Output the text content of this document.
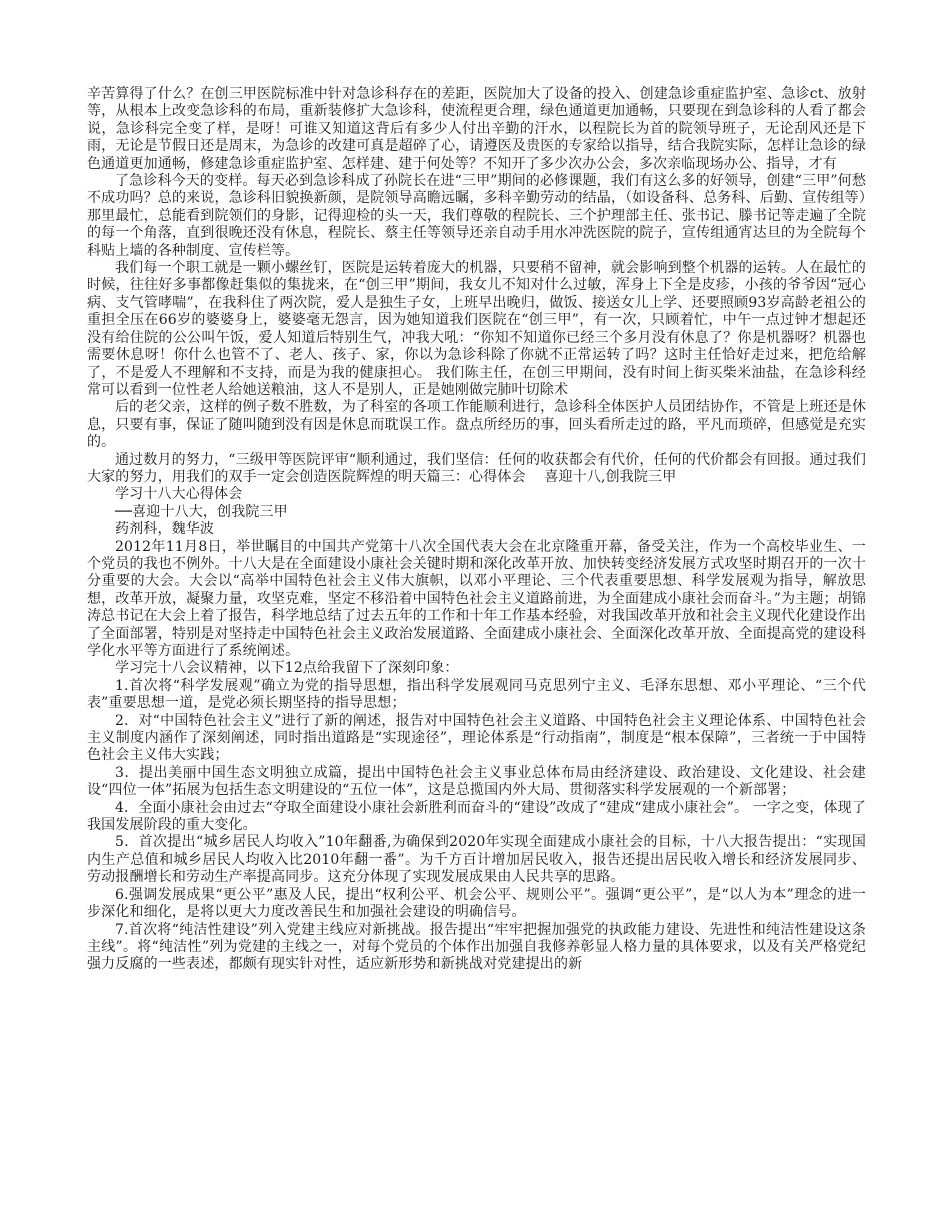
辛苦算得了什么？在创三甲医院标准中针对急诊科存在的差距，医院加大了设备的投入、创建急诊重症监护室、急诊ct、放射等，从根本上改变急诊科的布局，重新装修扩大急诊科，使流程更合理，绿色通道更加通畅，只要现在到急诊科的人看了都会说，急诊科完全变了样，是呀！可谁又知道这背后有多少人付出辛勤的汗水，以程院长为首的院领导班子，无论刮风还是下雨，无论是节假日还是周末，为急诊的改建可真是超碎了心，请遵医及贵医的专家给以指导，结合我院实际，怎样让急诊的绿色通道更加通畅，修建急诊重症监护室、怎样建、建于何处等？不知开了多少次办公会，多次亲临现场办公、指导，才有

了急诊科今天的变样。每天必到急诊科成了孙院长在进“三甲”期间的必修课题，我们有这么多的好领导，创建“三甲”何愁不成功吗？总的来说，急诊科旧貌换新颜，是院领导高瞻远瞩，多科辛勤劳动的结晶，（如设备科、总务科、后勤、宣传组等）那里最忙，总能看到院领们的身影，记得迎检的头一天，我们尊敬的程院长、三个护理部主任、张书记、滕书记等走遍了全院的每一个角落，直到很晚还没有休息，程院长、蔡主任等领导还亲自动手用水冲洗医院的院子，宣传组通宵达旦的为全院每个科贴上墙的各种制度、宣传栏等。

我们每一个职工就是一颗小螺丝钉，医院是运转着庞大的机器，只要稍不留神，就会影响到整个机器的运转。人在最忙的时候，往往好多事都像赶集似的集拢来，在“创三甲”期间，我女儿不知对什么过敏，浑身上下全是皮疹，小孩的爷爷因“冠心病、支气管哮喘”，在我科住了两次院，爱人是独生子女，上班早出晚归，做饭、接送女儿上学、还要照顾93岁高龄老祖公的重担全压在66岁的婆婆身上，婆婆毫无怨言，因为她知道我们医院在“创三甲”，有一次，只顾着忙，中午一点过钟才想起还没有给住院的公公叫午饭，爱人知道后特别生气，冲我大吼：“你知不知道你已经三个多月没有休息了？你是机器呀？机器也需要休息呀！你什么也管不了、老人、孩子、家，你以为急诊科除了你就不正常运转了吗？这时主任恰好走过来，把危给解了，不是爱人不理解和不支持，而是为我的健康担心。 我们陈主任，在创三甲期间，没有时间上街买柴米油盐，在急诊科经常可以看到一位性老人给她送粮油，这人不是别人，正是她刚做完肺叶切除术

后的老父亲，这样的例子数不胜数，为了科室的各项工作能顺利进行，急诊科全体医护人员团结协作，不管是上班还是休息，只要有事，保证了随叫随到没有因是休息而耽误工作。盘点所经历的事，回头看所走过的路，平凡而琐碎，但感觉是充实的。

通过数月的努力，“三级甲等医院评审“顺利通过，我们坚信：任何的收获都会有代价，任何的代价都会有回报。通过我们大家的努力，用我们的双手一定会创造医院辉煌的明天篇三：心得体会　 喜迎十八,创我院三甲

学习十八大心得体会

──喜迎十八大，创我院三甲

药剂科，魏华波

2012年11月8日，举世瞩目的中国共产党第十八次全国代表大会在北京隆重开幕，备受关注，作为一个高校毕业生、一个党员的我也不例外。十八大是在全面建设小康社会关键时期和深化改革开放、加快转变经济发展方式攻坚时期召开的一次十分重要的大会。大会以“高举中国特色社会主义伟大旗帜，以邓小平理论、三个代表重要思想、科学发展观为指导，解放思想，改革开放，凝聚力量，攻坚克难，坚定不移沿着中国特色社会主义道路前进，为全面建成小康社会而奋斗。”为主题；胡锦涛总书记在大会上着了报告，科学地总结了过去五年的工作和十年工作基本经验，对我国改革开放和社会主义现代化建设作出了全面部署，特别是对坚持走中国特色社会主义政治发展道路、全面建成小康社会、全面深化改革开放、全面提高党的建设科学化水平等方面进行了系统阐述。

学习完十八会议精神，以下12点给我留下了深刻印象：

1.首次将“科学发展观”确立为党的指导思想，指出科学发展观同马克思列宁主义、毛泽东思想、邓小平理论、“三个代表”重要思想一道，是党必须长期坚持的指导思想；

2．对“中国特色社会主义”进行了新的阐述，报告对中国特色社会主义道路、中国特色社会主义理论体系、中国特色社会主义制度内涵作了深刻阐述，同时指出道路是“实现途径”，理论体系是“行动指南”，制度是“根本保障”，三者统一于中国特色社会主义伟大实践；

3．提出美丽中国生态文明独立成篇，提出中国特色社会主义事业总体布局由经济建设、政治建设、文化建设、社会建设“四位一体”拓展为包括生态文明建设的“五位一体”，这是总揽国内外大局、贯彻落实科学发展观的一个新部署；

4．全面小康社会由过去“夺取全面建设小康社会新胜利而奋斗的“建设”改成了“建成“建成小康社会”。 一字之变，体现了我国发展阶段的重大变化。

5．首次提出“城乡居民人均收入”10年翻番,为确保到2020年实现全面建成小康社会的目标，十八大报告提出：“实现国内生产总值和城乡居民人均收入比2010年翻一番”。为千方百计增加居民收入，报告还提出居民收入增长和经济发展同步、劳动报酬增长和劳动生产率提高同步。这充分体现了实现发展成果由人民共享的思路。

6.强调发展成果“更公平”惠及人民，提出“权利公平、机会公平、规则公平”。强调“更公平”，是“以人为本”理念的进一步深化和细化，是将以更大力度改善民生和加强社会建设的明确信号。

7.首次将“纯洁性建设”列入党建主线应对新挑战。报告提出“牢牢把握加强党的执政能力建设、先进性和纯洁性建设这条主线”。将“纯洁性”列为党建的主线之一，对每个党员的个体作出加强自我修养彰显人格力量的具体要求，以及有关严格党纪强力反腐的一些表述，都颇有现实针对性，适应新形势和新挑战对党建提出的新
